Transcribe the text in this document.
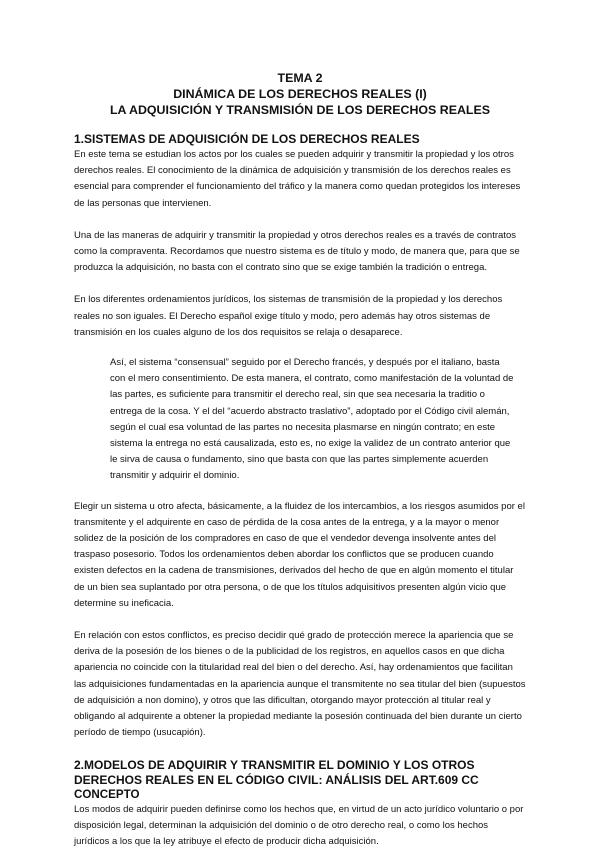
TEMA 2
DINÁMICA DE LOS DERECHOS REALES (I)
LA ADQUISICIÓN Y TRANSMISIÓN DE LOS DERECHOS REALES
1.SISTEMAS DE ADQUISICIÓN DE LOS DERECHOS REALES

En este tema se estudian los actos por los cuales se pueden adquirir y transmitir la propiedad y los otros derechos reales. El conocimiento de la dinámica de adquisición y transmisión de los derechos reales es esencial para comprender el funcionamiento del tráfico y la manera como quedan protegidos los intereses de las personas que intervienen.

Una de las maneras de adquirir y transmitir la propiedad y otros derechos reales es a través de contratos como la compraventa. Recordamos que nuestro sistema es de título y modo, de manera que, para que se produzca la adquisición, no basta con el contrato sino que se exige también la tradición o entrega.

En los diferentes ordenamientos jurídicos, los sistemas de transmisión de la propiedad y los derechos reales no son iguales. El Derecho español exige título y modo, pero además hay otros sistemas de transmisión en los cuales alguno de los dos requisitos se relaja o desaparece.

Así, el sistema “consensual” seguido por el Derecho francés, y después por el italiano, basta con el mero consentimiento. De esta manera, el contrato, como manifestación de la voluntad de las partes, es suficiente para transmitir el derecho real, sin que sea necesaria la traditio o entrega de la cosa. Y el del “acuerdo abstracto traslativo”, adoptado por el Código civil alemán, según el cual esa voluntad de las partes no necesita plasmarse en ningún contrato; en este sistema la entrega no está causalizada, esto es, no exige la validez de un contrato anterior que le sirva de causa o fundamento, sino que basta con que las partes simplemente acuerden transmitir y adquirir el dominio.

Elegir un sistema u otro afecta, básicamente, a la fluidez de los intercambios, a los riesgos asumidos por el transmitente y el adquirente en caso de pérdida de la cosa antes de la entrega, y a la mayor o menor solidez de la posición de los compradores en caso de que el vendedor devenga insolvente antes del traspaso posesorio. Todos los ordenamientos deben abordar los conflictos que se producen cuando existen defectos en la cadena de transmisiones, derivados del hecho de que en algún momento el titular de un bien sea suplantado por otra persona, o de que los títulos adquisitivos presenten algún vicio que determine su ineficacia.

En relación con estos conflictos, es preciso decidir qué grado de protección merece la apariencia que se deriva de la posesión de los bienes o de la publicidad de los registros, en aquellos casos en que dicha apariencia no coincide con la titularidad real del bien o del derecho. Así, hay ordenamientos que facilitan las adquisiciones fundamentadas en la apariencia aunque el transmitente no sea titular del bien (supuestos de adquisición a non domino), y otros que las dificultan, otorgando mayor protección al titular real y obligando al adquirente a obtener la propiedad mediante la posesión continuada del bien durante un cierto período de tiempo (usucapión).

2.MODELOS DE ADQUIRIR Y TRANSMITIR EL DOMINIO Y LOS OTROS DERECHOS REALES EN EL CÓDIGO CIVIL: ANÁLISIS DEL ART.609 CC
CONCEPTO

Los modos de adquirir pueden definirse como los hechos que, en virtud de un acto jurídico voluntario o por disposición legal, determinan la adquisición del dominio o de otro derecho real, o como los hechos jurídicos a los que la ley atribuye el efecto de producir dicha adquisición.
